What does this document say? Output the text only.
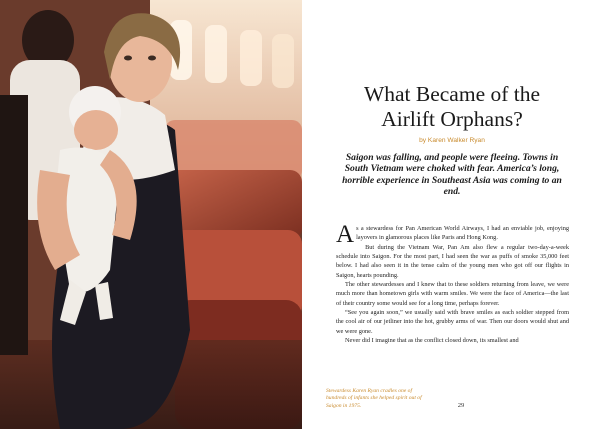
What Became of the
Airlift Orphans?

by Karen Walker Ryan

Saigon was falling, and people were fleeing. Towns in South Vietnam were choked with fear. America’s long, horrible experience in Southeast Asia was coming to an end.

As a stewardess for Pan American World Airways, I had an enviable job, enjoying layovers in glamorous places like Paris and Hong Kong.

But during the Vietnam War, Pan Am also flew a regular two-day-a-week schedule into Saigon. For the most part, I had seen the war as puffs of smoke 35,000 feet below. I had also seen it in the tense calm of the young men who got off our flights in Saigon, hearts pounding.

The other stewardesses and I knew that to these soldiers returning from leave, we were much more than hometown girls with warm smiles. We were the face of America—the last of their country some would see for a long time, perhaps forever.

“See you again soon,” we usually said with brave smiles as each soldier stepped from the cool air of our jetliner into the hot, grubby arms of war. Then our doors would shut and we were gone.

Never did I imagine that as the conflict closed down, its smallest and

Stewardess Karen Ryan cradles one of hundreds of infants she helped spirit out of Saigon in 1975.	29
